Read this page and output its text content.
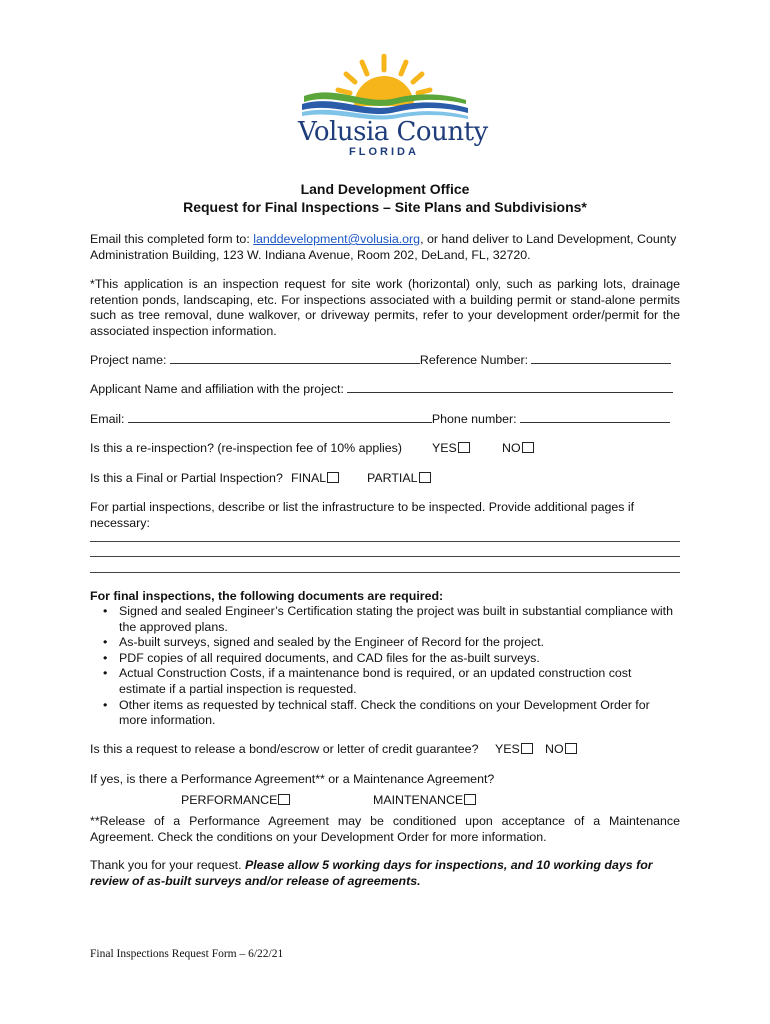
Volusia County
FLORIDA
Land Development Office
Request for Final Inspections – Site Plans and Subdivisions*
Email this completed form to: landdevelopment@volusia.org, or hand deliver to Land Development, County Administration Building, 123 W. Indiana Avenue, Room 202, DeLand, FL, 32720.
*This application is an inspection request for site work (horizontal) only, such as parking lots, drainage retention ponds, landscaping, etc. For inspections associated with a building permit or stand-alone permits such as tree removal, dune walkover, or driveway permits, refer to your development order/permit for the associated inspection information.
Project name:	Reference Number:
Applicant Name and affiliation with the project:
Email:	Phone number:
Is this a re-inspection? (re-inspection fee of 10% applies) YES	NO
Is this a Final or Partial Inspection? FINAL	PARTIAL
For partial inspections, describe or list the infrastructure to be inspected. Provide additional pages if necessary:
For final inspections, the following documents are required:
• Signed and sealed Engineer’s Certification stating the project was built in substantial compliance with the approved plans.
• As-built surveys, signed and sealed by the Engineer of Record for the project.
• PDF copies of all required documents, and CAD files for the as-built surveys.
• Actual Construction Costs, if a maintenance bond is required, or an updated construction cost estimate if a partial inspection is requested.
• Other items as requested by technical staff. Check the conditions on your Development Order for more information.
Is this a request to release a bond/escrow or letter of credit guarantee? YES	NO
If yes, is there a Performance Agreement** or a Maintenance Agreement?
PERFORMANCE	MAINTENANCE
**Release of a Performance Agreement may be conditioned upon acceptance of a Maintenance Agreement. Check the conditions on your Development Order for more information.
Thank you for your request. Please allow 5 working days for inspections, and 10 working days for review of as-built surveys and/or release of agreements.
Final Inspections Request Form – 6/22/21
